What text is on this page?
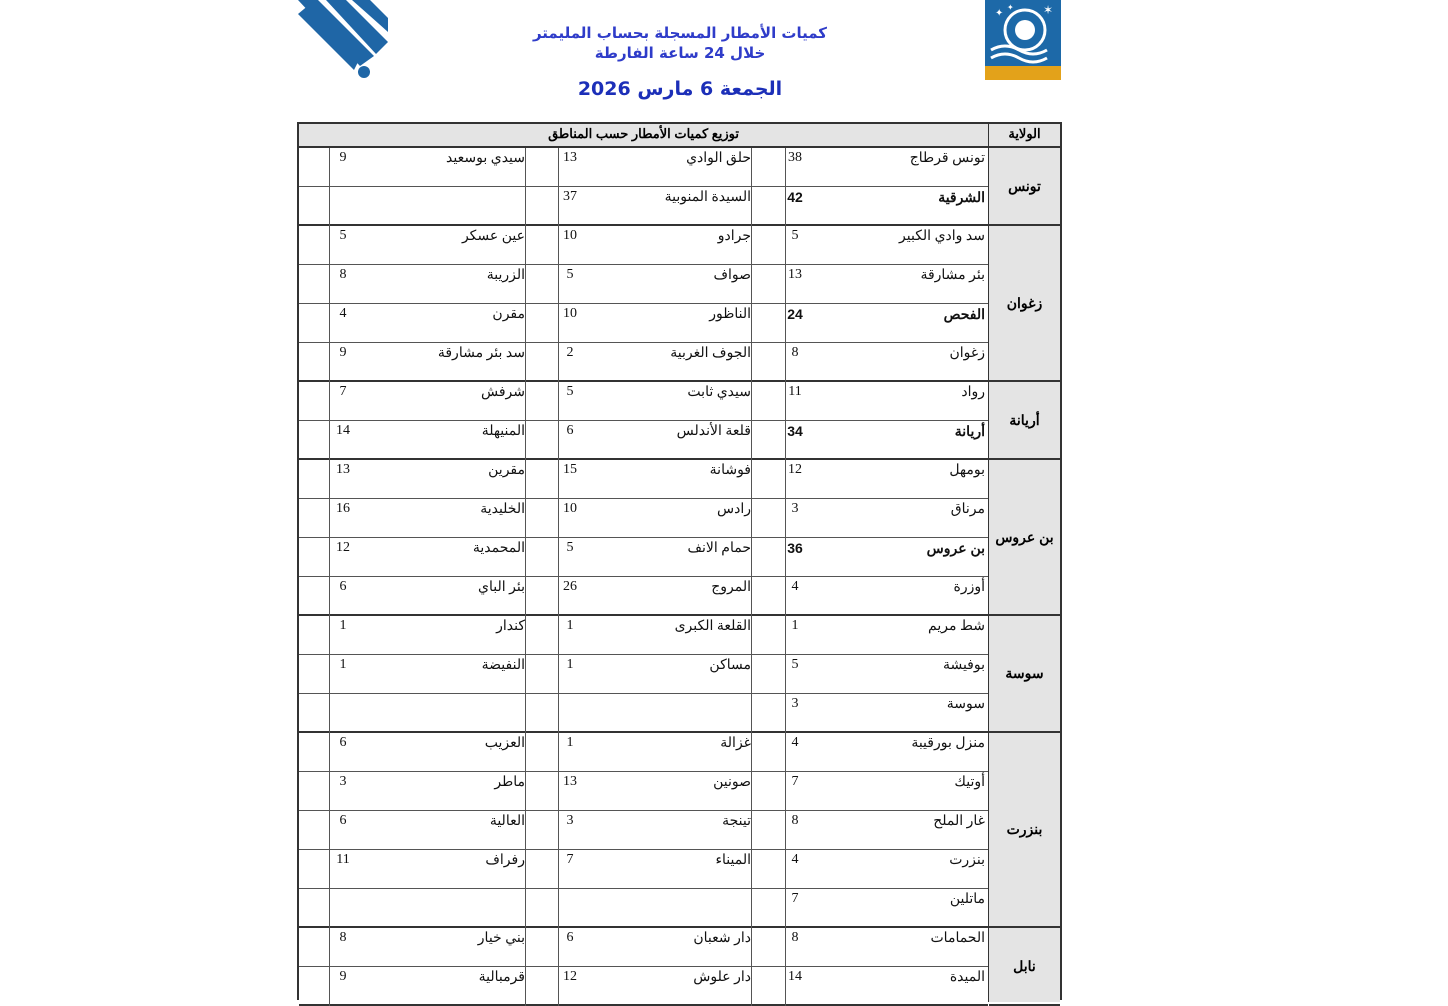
✶
✦
✦
كميات الأمطار المسجلة بحساب المليمتر
خلال 24 ساعة الفارطة
الجمعة 6 مارس 2026
توزيع كميات الأمطار حسب المناطق	الولاية
تونس
زغوان
أريانة
بن عروس
سوسة
بنزرت
نابل
تونس قرطاج
38
حلق الوادي
13
سيدي بوسعيد
9
الشرقية
42
السيدة المنوبية
37
سد وادي الكبير
5
جرادو
10
عين عسكر
5
بئر مشارقة
13
صواف
5
الزريبة
8
الفحص
24
الناظور
10
مقرن
4
زغوان
8
الجوف الغربية
2
سد بئر مشارقة
9
رواد
11
سيدي ثابت
5
شرفش
7
أريانة
34
قلعة الأندلس
6
المنيهلة
14
بومهل
12
فوشانة
15
مقرين
13
مرناق
3
رادس
10
الخليدية
16
بن عروس
36
حمام الانف
5
المحمدية
12
أوزرة
4
المروج
26
بئر الباي
6
شط مريم
1
القلعة الكبرى
1
كندار
1
بوفيشة
5
مساكن
1
النفيضة
1
سوسة
3
منزل بورقيبة
4
غزالة
1
العزيب
6
أوتيك
7
صونين
13
ماطر
3
غار الملح
8
تينجة
3
العالية
6
بنزرت
4
الميناء
7
رفراف
11
ماتلين
7
الحمامات
8
دار شعبان
6
بني خيار
8
الميدة
14
دار علوش
12
قرمبالية
9
